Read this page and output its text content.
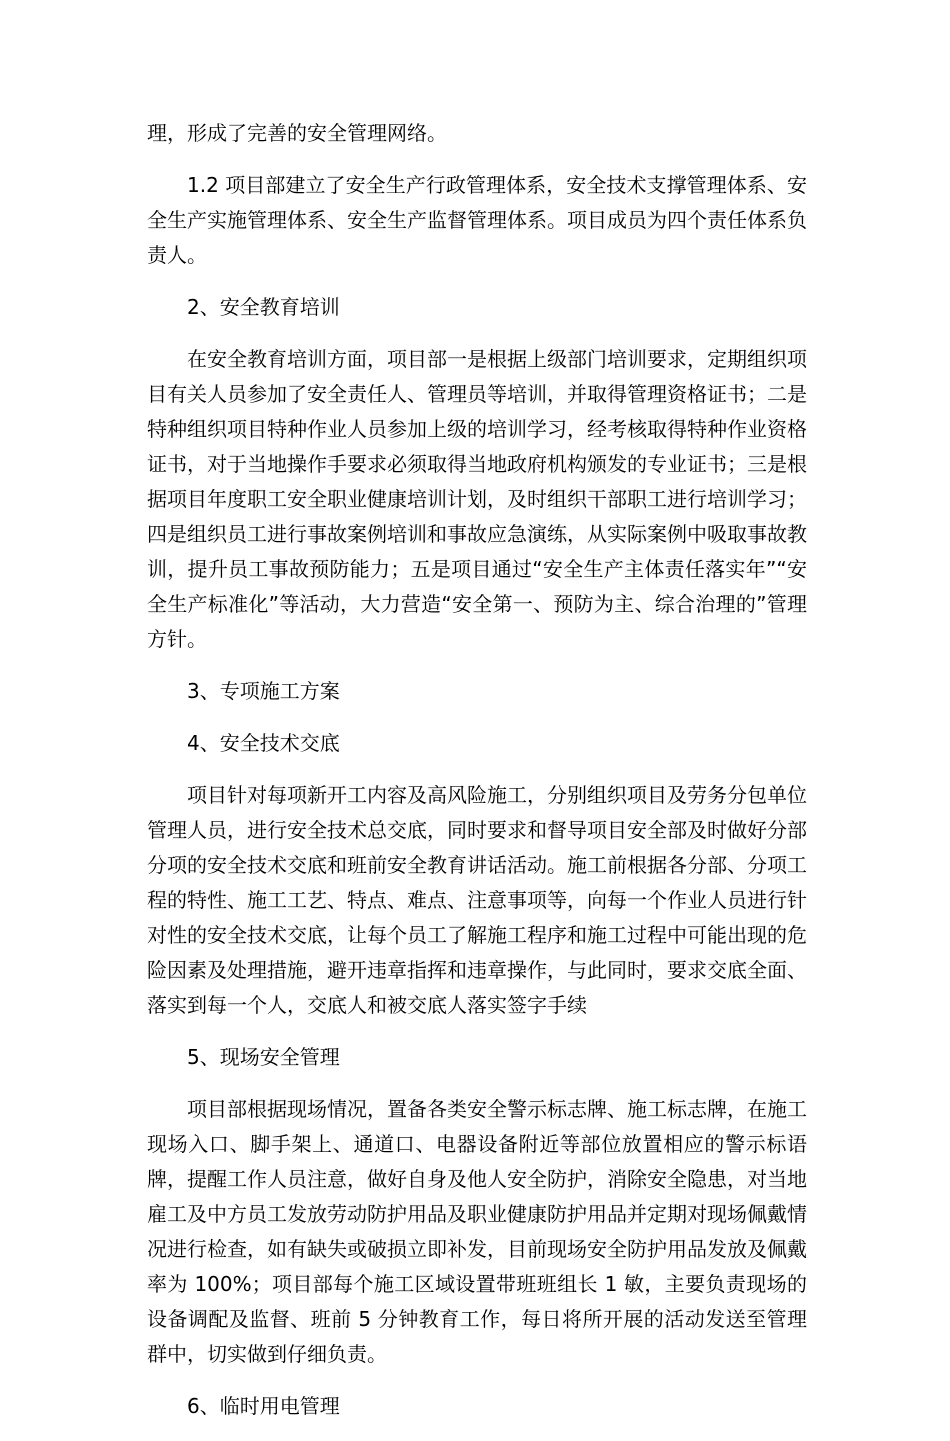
理，形成了完善的安全管理网络。

1.2 项目部建立了安全生产行政管理体系，安全技术支撑管理体系、安全生产实施管理体系、安全生产监督管理体系。项目成员为四个责任体系负责人。

2、安全教育培训

在安全教育培训方面，项目部一是根据上级部门培训要求，定期组织项目有关人员参加了安全责任人、管理员等培训，并取得管理资格证书；二是特种组织项目特种作业人员参加上级的培训学习，经考核取得特种作业资格证书，对于当地操作手要求必须取得当地政府机构颁发的专业证书；三是根据项目年度职工安全职业健康培训计划，及时组织干部职工进行培训学习；四是组织员工进行事故案例培训和事故应急演练，从实际案例中吸取事故教训，提升员工事故预防能力；五是项目通过“安全生产主体责任落实年”“安全生产标准化”等活动，大力营造“安全第一、预防为主、综合治理的”管理方针。

3、专项施工方案

4、安全技术交底

项目针对每项新开工内容及高风险施工，分别组织项目及劳务分包单位管理人员，进行安全技术总交底，同时要求和督导项目安全部及时做好分部分项的安全技术交底和班前安全教育讲话活动。施工前根据各分部、分项工程的特性、施工工艺、特点、难点、注意事项等，向每一个作业人员进行针对性的安全技术交底，让每个员工了解施工程序和施工过程中可能出现的危险因素及处理措施，避开违章指挥和违章操作，与此同时，要求交底全面、落实到每一个人，交底人和被交底人落实签字手续

5、现场安全管理

项目部根据现场情况，置备各类安全警示标志牌、施工标志牌，在施工现场入口、脚手架上、通道口、电器设备附近等部位放置相应的警示标语牌，提醒工作人员注意，做好自身及他人安全防护，消除安全隐患，对当地雇工及中方员工发放劳动防护用品及职业健康防护用品并定期对现场佩戴情况进行检查，如有缺失或破损立即补发，目前现场安全防护用品发放及佩戴率为 100%；项目部每个施工区域设置带班班组长 1 敏，主要负责现场的设备调配及监督、班前 5 分钟教育工作，每日将所开展的活动发送至管理群中，切实做到仔细负责。

6、临时用电管理
